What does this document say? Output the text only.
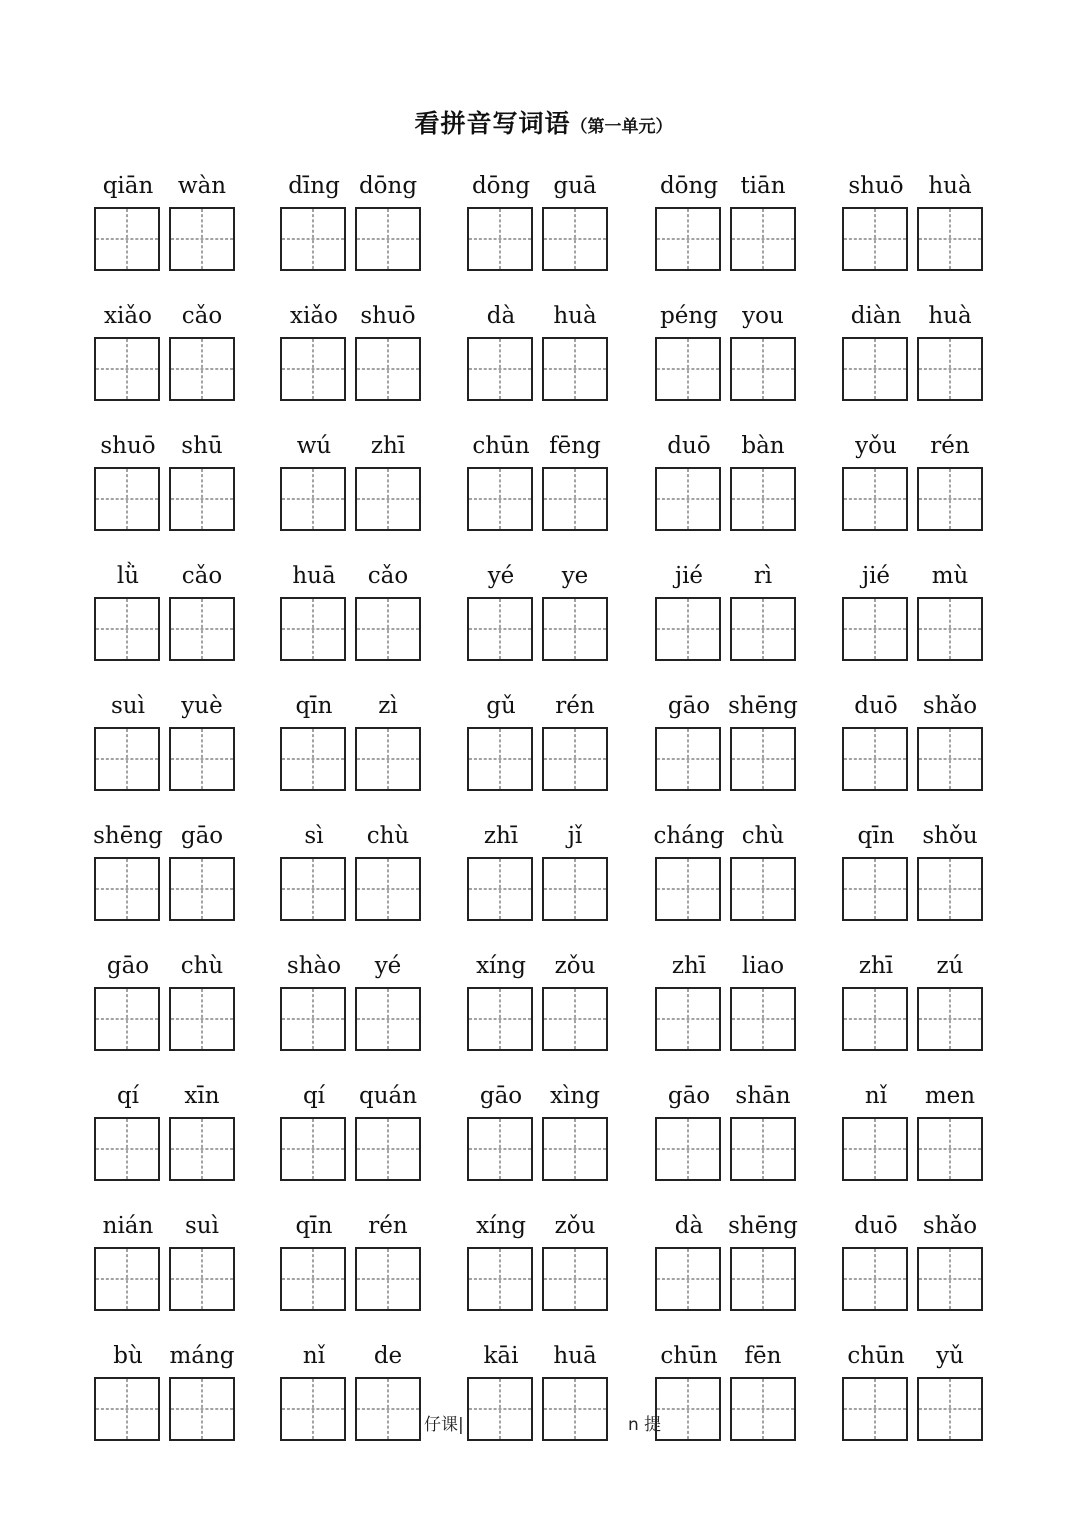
看拼音写词语（第一单元）
qiān	wàn	dīng dōng	dōng	guā	dōng tiān	shuō	huà
xiǎo	cǎo	xiǎo shuō	dà	huà	péng	you	diàn	huà
shuō	shū	wú	zhī	chūn fēng	duō	bàn	yǒu	rén
lǜ	cǎo	huā	cǎo	yé	ye	jié	rì	jié	mù
suì	yuè	qīn	zì	gǔ	rén	gāo shēng	duō	shǎo
shēng gāo	sì	chù	zhī	jǐ	cháng chù	qīn	shǒu
gāo	chù	shào	yé	xíng	zǒu	zhī	liao	zhī	zú
qí	xīn	qí	quán	gāo	xìng	gāo	shān	nǐ	men
nián	suì	qīn	rén	xíng	zǒu	dà	shēng	duō	shǎo
bù	máng	nǐ	de	kāi	huā	chūn	fēn	chūn	yǔ
仔课|	n 提
